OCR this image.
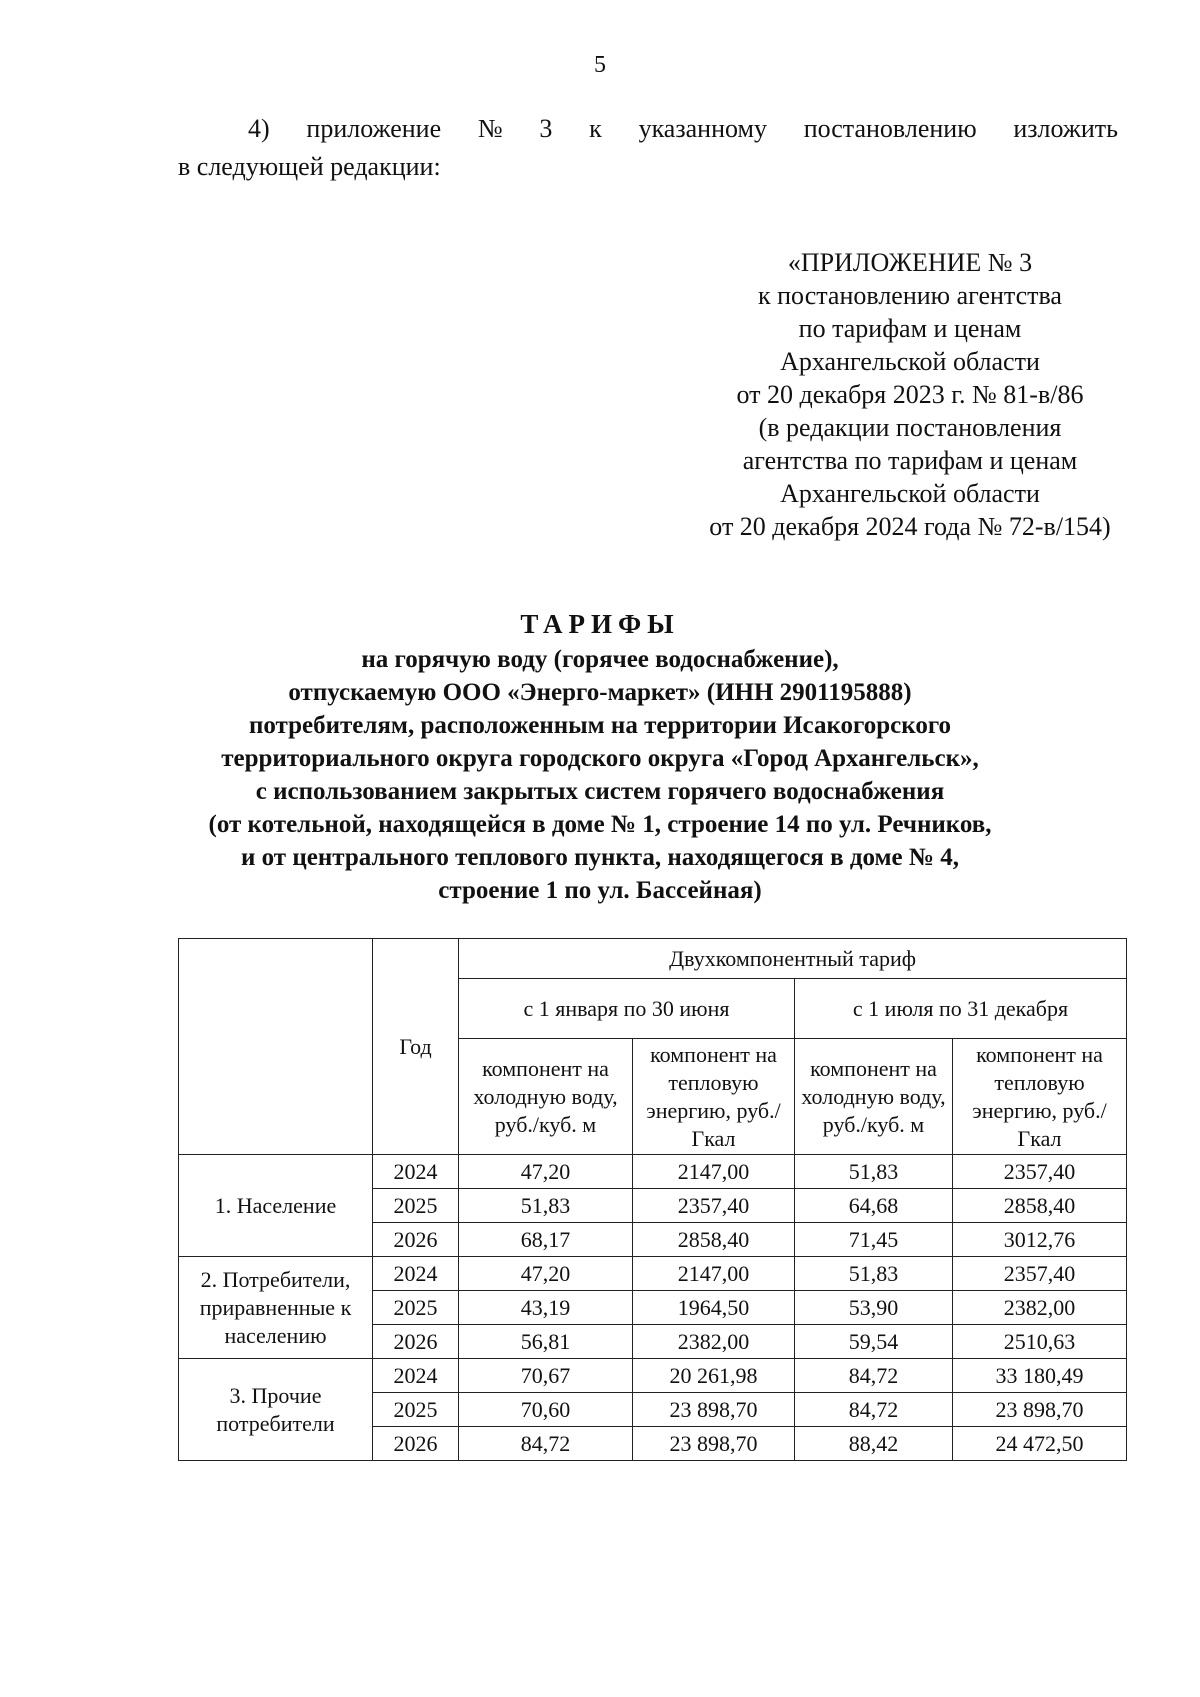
5
4) приложение № 3 к указанному постановлению изложить
в следующей редакции:
«ПРИЛОЖЕНИЕ № 3
к постановлению агентства
по тарифам и ценам
Архангельской области
от 20 декабря 2023 г. № 81-в/86
(в редакции постановления
агентства по тарифам и ценам
Архангельской области
от 20 декабря 2024 года № 72-в/154)
ТАРИФЫ
на горячую воду (горячее водоснабжение),
отпускаемую ООО «Энерго-маркет» (ИНН 2901195888)
потребителям, расположенным на территории Исакогорского
территориального округа городского округа «Город Архангельск»,
с использованием закрытых систем горячего водоснабжения
(от котельной, находящейся в доме № 1, строение 14 по ул. Речников,
и от центрального теплового пункта, находящегося в доме № 4,
строение 1 по ул. Бассейная)
	Год	Двухкомпонентный тариф			
		с 1 января по 30 июня		с 1 июля по 31 декабря	
		компонент на холодную воду, руб./куб. м	компонент на тепловую энергию, руб./Гкал	компонент на холодную воду, руб./куб. м	компонент на тепловую энергию, руб./Гкал
1. Население	2024	47,20	2147,00	51,83	2357,40
	2025	51,83	2357,40	64,68	2858,40
	2026	68,17	2858,40	71,45	3012,76
2. Потребители, приравненные к населению	2024	47,20	2147,00	51,83	2357,40
	2025	43,19	1964,50	53,90	2382,00
	2026	56,81	2382,00	59,54	2510,63
3. Прочие потребители	2024	70,67	20 261,98	84,72	33 180,49
	2025	70,60	23 898,70	84,72	23 898,70
	2026	84,72	23 898,70	88,42	24 472,50
